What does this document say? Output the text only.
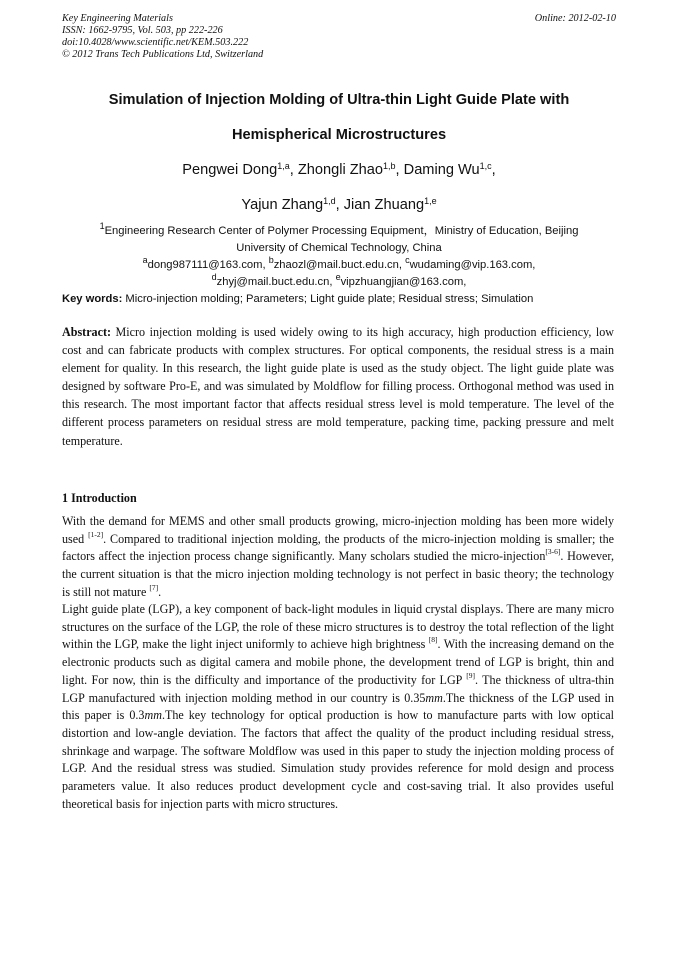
Key Engineering Materials
ISSN: 1662-9795, Vol. 503, pp 222-226
doi:10.4028/www.scientific.net/KEM.503.222
© 2012 Trans Tech Publications Ltd, Switzerland
Online: 2012-02-10
Simulation of Injection Molding of Ultra-thin Light Guide Plate with
Hemispherical Microstructures
Pengwei Dong$^{1,a}$, Zhongli Zhao$^{1,b}$, Daming Wu$^{1,c}$,
Yajun Zhang$^{1,d}$, Jian Zhuang$^{1,e}$
$^1$Engineering Research Center of Polymer Processing Equipment，Ministry of Education, Beijing
University of Chemical Technology, China
$^a$dong987111@163.com, $^b$zhaozl@mail.buct.edu.cn, $^c$wudaming@vip.163.com,
$^d$zhyj@mail.buct.edu.cn, $^e$vipzhuangjian@163.com,
Key words: Micro-injection molding; Parameters; Light guide plate; Residual stress; Simulation
Abstract: Micro injection molding is used widely owing to its high accuracy, high production efficiency, low cost and can fabricate products with complex structures. For optical components, the residual stress is a main element for quality. In this research, the light guide plate is used as the study object. The light guide plate was designed by software Pro-E, and was simulated by Moldflow for filling process. Orthogonal method was used in this research. The most important factor that affects residual stress level is mold temperature. The level of the different process parameters on residual stress are mold temperature, packing time, packing pressure and melt temperature.
1 Introduction
With the demand for MEMS and other small products growing, micro-injection molding has been more widely used [1-2]. Compared to traditional injection molding, the products of the micro-injection molding is smaller; the factors affect the injection process change significantly. Many scholars studied the micro-injection[3-6]. However, the current situation is that the micro injection molding technology is not perfect in basic theory; the technology is still not mature [7].
Light guide plate (LGP), a key component of back-light modules in liquid crystal displays. There are many micro structures on the surface of the LGP, the role of these micro structures is to destroy the total reflection of the light within the LGP, make the light inject uniformly to achieve high brightness [8]. With the increasing demand on the electronic products such as digital camera and mobile phone, the development trend of LGP is bright, thin and light. For now, thin is the difficulty and importance of the productivity for LGP [9]. The thickness of ultra-thin LGP manufactured with injection molding method in our country is 0.35mm.The thickness of the LGP used in this paper is 0.3mm.The key technology for optical production is how to manufacture parts with low optical distortion and low-angle deviation. The factors that affect the quality of the product including residual stress, shrinkage and warpage. The software Moldflow was used in this paper to study the injection molding process of LGP. And the residual stress was studied. Simulation study provides reference for mold design and process parameters value. It also reduces product development cycle and cost-saving trial. It also provides useful theoretical basis for injection parts with micro structures.
